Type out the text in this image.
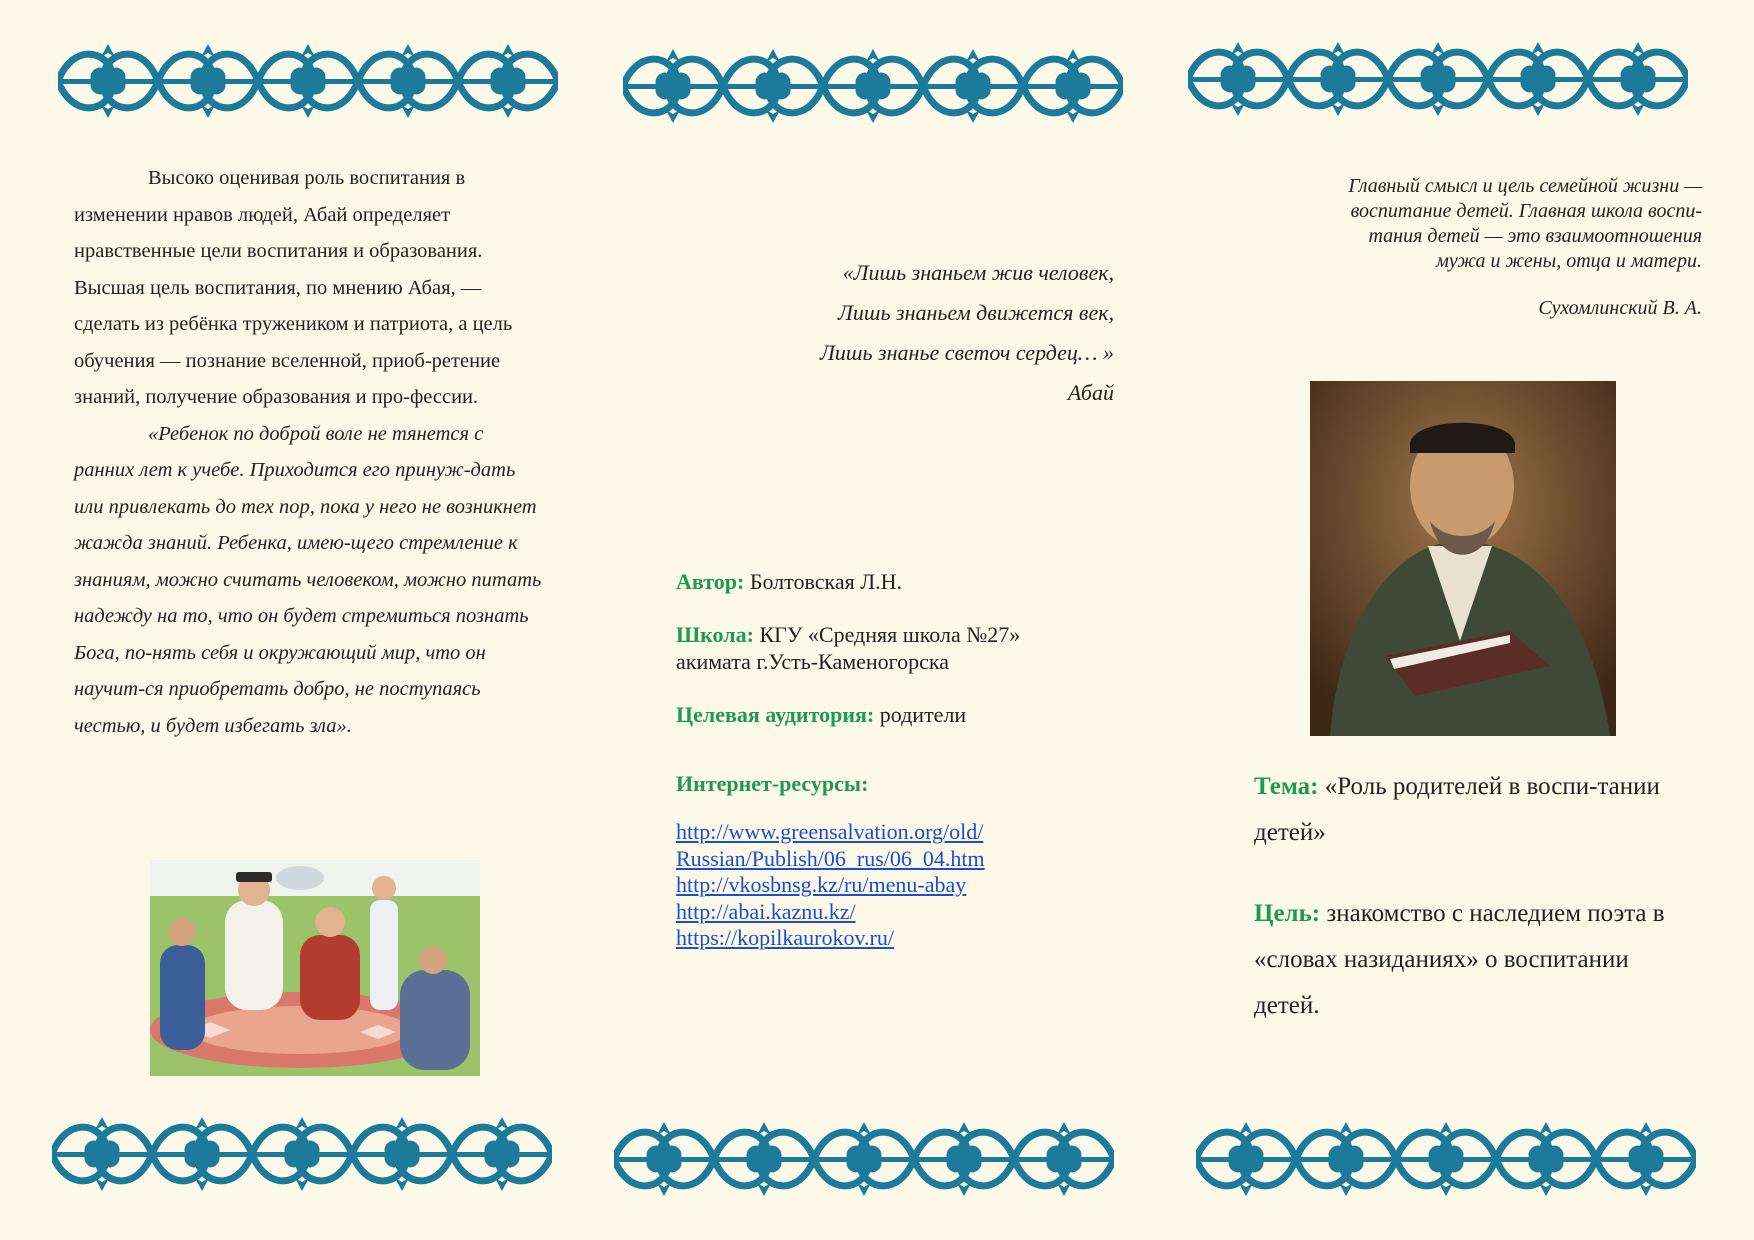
Высоко оценивая роль воспитания в изменении нравов людей, Абай определяет нравственные цели воспитания и образования. Высшая цель воспитания, по мнению Абая, — сделать из ребёнка тружеником и патриота, а цель обучения — познание вселенной, приоб-ретение знаний, получение образования и про-фессии.

«Ребенок по доброй воле не тянется с ранних лет к учебе. Приходится его принуж-дать или привлекать до тех пор, пока у него не возникнет жажда знаний. Ребенка, имею-щего стремление к знаниям, можно считать человеком, можно питать надежду на то, что он будет стремиться познать Бога, по-нять себя и окружающий мир, что он научит-ся приобретать добро, не поступаясь честью, и будет избегать зла».

«Лишь знаньем жив человек,
Лишь знаньем движется век,
Лишь знанье светоч сердец… »
Абай

Автор: Болтовская Л.Н.

Школа: КГУ «Средняя школа №27»

акимата г.Усть-Каменогорска

Целевая аудитория: родители

Интернет-ресурсы:

http://www.greensalvation.org/old/
Russian/Publish/06_rus/06_04.htm
http://vkosbnsg.kz/ru/menu-abay
http://abai.kaznu.kz/
https://kopilkaurokov.ru/
Главный смысл и цель семейной жизни —
воспитание детей. Главная школа воспи-
тания детей — это взаимоотношения
мужа и жены, отца и матери.
Сухомлинский В. А.

Тема: «Роль родителей в воспи-тании детей»

Цель: знакомство с наследием поэта в «словах назиданиях» о воспитании детей.
